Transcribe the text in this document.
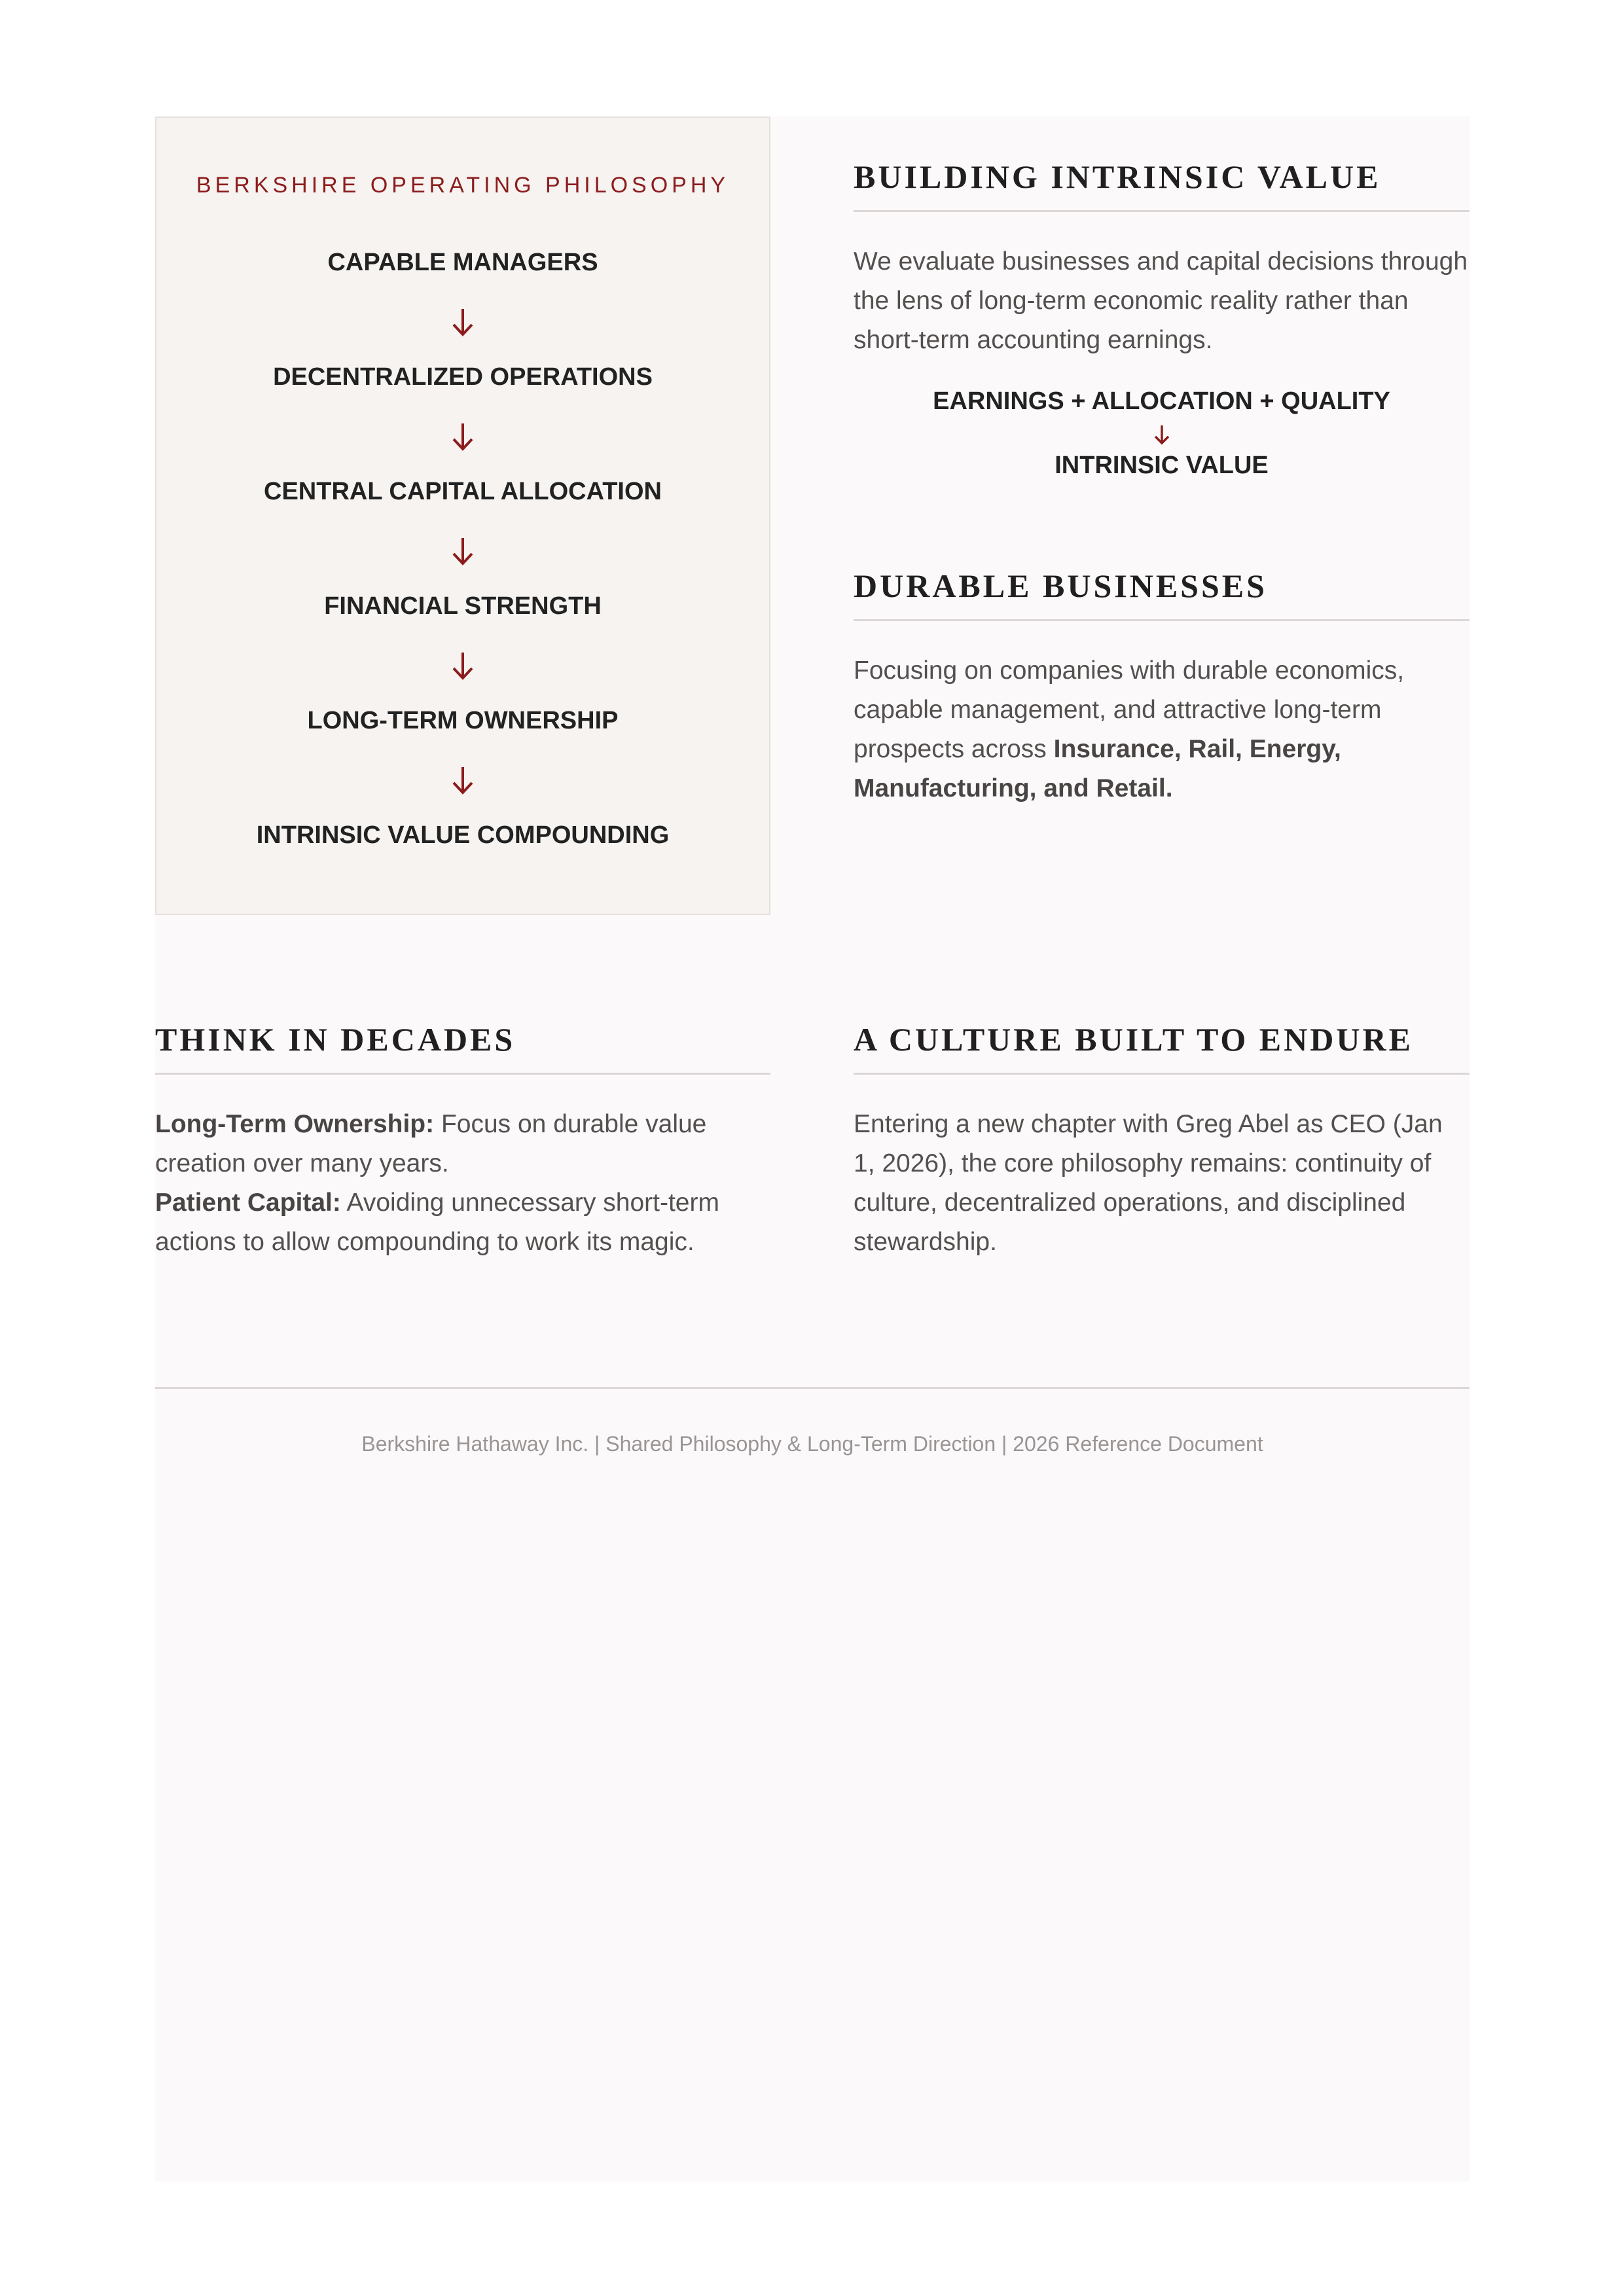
BERKSHIRE OPERATING PHILOSOPHY
CAPABLE MANAGERS
DECENTRALIZED OPERATIONS
CENTRAL CAPITAL ALLOCATION
FINANCIAL STRENGTH
LONG-TERM OWNERSHIP
INTRINSIC VALUE COMPOUNDING
BUILDING INTRINSIC VALUE
We evaluate businesses and capital decisions through the lens of long-term economic reality rather than short-term accounting earnings.
EARNINGS + ALLOCATION + QUALITY
INTRINSIC VALUE
DURABLE BUSINESSES
Focusing on companies with durable economics, capable management, and attractive long-term prospects across Insurance, Rail, Energy, Manufacturing, and Retail.
THINK IN DECADES
Long-Term Ownership: Focus on durable value creation over many years.
Patient Capital: Avoiding unnecessary short-term actions to allow compounding to work its magic.
A CULTURE BUILT TO ENDURE
Entering a new chapter with Greg Abel as CEO (Jan 1, 2026), the core philosophy remains: continuity of culture, decentralized operations, and disciplined stewardship.
Berkshire Hathaway Inc. | Shared Philosophy & Long-Term Direction | 2026 Reference Document
